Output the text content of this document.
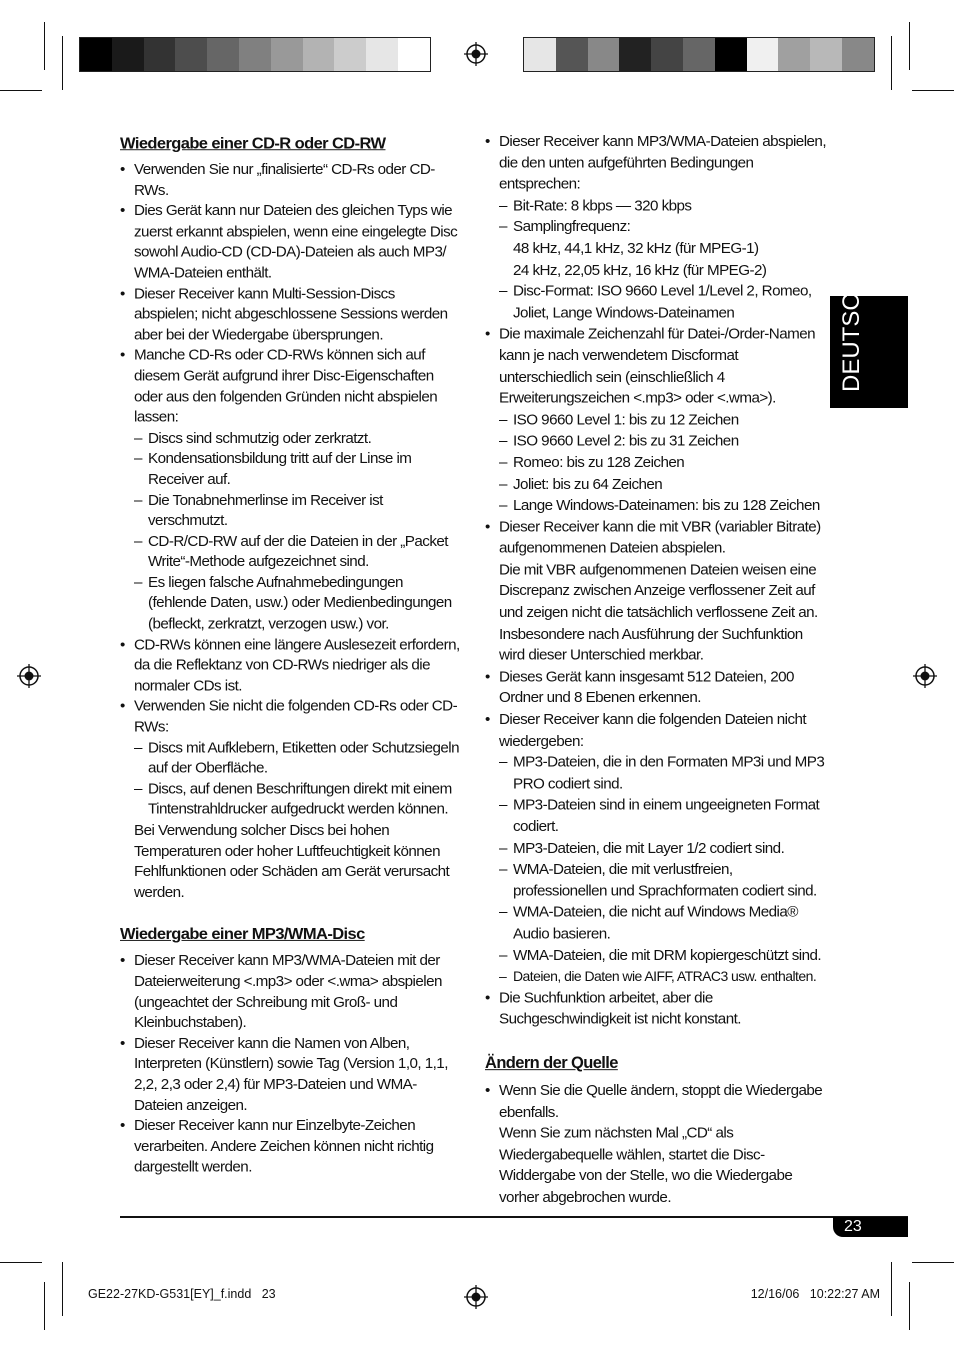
DEUTSCH
Wiedergabe einer CD-R oder CD-RW
• Verwenden Sie nur „finalisierte“ CD-Rs oder CD-RWs.
• Dies Gerät kann nur Dateien des gleichen Typs wie zuerst erkannt abspielen, wenn eine eingelegte Disc sowohl Audio-CD (CD-DA)-Dateien als auch MP3/ WMA-Dateien enthält.
• Dieser Receiver kann Multi-Session-Discs abspielen; nicht abgeschlossene Sessions werden aber bei der Wiedergabe übersprungen.
• Manche CD-Rs oder CD-RWs können sich auf diesem Gerät aufgrund ihrer Disc-Eigenschaften oder aus den folgenden Gründen nicht abspielen lassen:
– Discs sind schmutzig oder zerkratzt.
– Kondensationsbildung tritt auf der Linse im Receiver auf.
– Die Tonabnehmerlinse im Receiver ist verschmutzt.
– CD-R/CD-RW auf der die Dateien in der „Packet Write“-Methode aufgezeichnet sind.
– Es liegen falsche Aufnahmebedingungen (fehlende Daten, usw.) oder Medienbedingungen (befleckt, zerkratzt, verzogen usw.) vor.
• CD-RWs können eine längere Auslesezeit erfordern, da die Reflektanz von CD-RWs niedriger als die normaler CDs ist.
• Verwenden Sie nicht die folgenden CD-Rs oder CD-RWs:
– Discs mit Aufklebern, Etiketten oder Schutzsiegeln auf der Oberfläche.
– Discs, auf denen Beschriftungen direkt mit einem Tintenstrahldrucker aufgedruckt werden können.
Bei Verwendung solcher Discs bei hohen Temperaturen oder hoher Luftfeuchtigkeit können Fehlfunktionen oder Schäden am Gerät verursacht werden.
Wiedergabe einer MP3/WMA-Disc
• Dieser Receiver kann MP3/WMA-Dateien mit der Dateierweiterung <.mp3> oder <.wma> abspielen (ungeachtet der Schreibung mit Groß- und Kleinbuchstaben).
• Dieser Receiver kann die Namen von Alben, Interpreten (Künstlern) sowie Tag (Version 1,0, 1,1, 2,2, 2,3 oder 2,4) für MP3-Dateien und WMA-Dateien anzeigen.
• Dieser Receiver kann nur Einzelbyte-Zeichen verarbeiten. Andere Zeichen können nicht richtig dargestellt werden.
• Dieser Receiver kann MP3/WMA-Dateien abspielen, die den unten aufgeführten Bedingungen entsprechen:
– Bit-Rate: 8 kbps — 320 kbps
– Samplingfrequenz:
48 kHz, 44,1 kHz, 32 kHz (für MPEG-1)
24 kHz, 22,05 kHz, 16 kHz (für MPEG-2)
– Disc-Format: ISO 9660 Level 1/Level 2, Romeo, Joliet, Lange Windows-Dateinamen
• Die maximale Zeichenzahl für Datei-/Order-Namen kann je nach verwendetem Discformat unterschiedlich sein (einschließlich 4 Erweiterungszeichen <.mp3> oder <.wma>).
– ISO 9660 Level 1: bis zu 12 Zeichen
– ISO 9660 Level 2: bis zu 31 Zeichen
– Romeo: bis zu 128 Zeichen
– Joliet: bis zu 64 Zeichen
– Lange Windows-Dateinamen: bis zu 128 Zeichen
• Dieser Receiver kann die mit VBR (variabler Bitrate) aufgenommenen Dateien abspielen.
Die mit VBR aufgenommenen Dateien weisen eine Discrepanz zwischen Anzeige verflossener Zeit auf und zeigen nicht die tatsächlich verflossene Zeit an. Insbesondere nach Ausführung der Suchfunktion wird dieser Unterschied merkbar.
• Dieses Gerät kann insgesamt 512 Dateien, 200 Ordner und 8 Ebenen erkennen.
• Dieser Receiver kann die folgenden Dateien nicht wiedergeben:
– MP3-Dateien, die in den Formaten MP3i und MP3 PRO codiert sind.
– MP3-Dateien sind in einem ungeeigneten Format codiert.
– MP3-Dateien, die mit Layer 1/2 codiert sind.
– WMA-Dateien, die mit verlustfreien, professionellen und Sprachformaten codiert sind.
– WMA-Dateien, die nicht auf Windows Media® Audio basieren.
– WMA-Dateien, die mit DRM kopiergeschützt sind.
– Dateien, die Daten wie AIFF, ATRAC3 usw. enthalten.
• Die Suchfunktion arbeitet, aber die Suchgeschwindigkeit ist nicht konstant.
Ändern der Quelle
• Wenn Sie die Quelle ändern, stoppt die Wiedergabe ebenfalls.
Wenn Sie zum nächsten Mal „CD“ als Wiedergabequelle wählen, startet die Disc-Widdergabe von der Stelle, wo die Wiedergabe vorher abgebrochen wurde.
23
GE22-27KD-G531[EY]_f.indd   23	12/16/06   10:22:27 AM
